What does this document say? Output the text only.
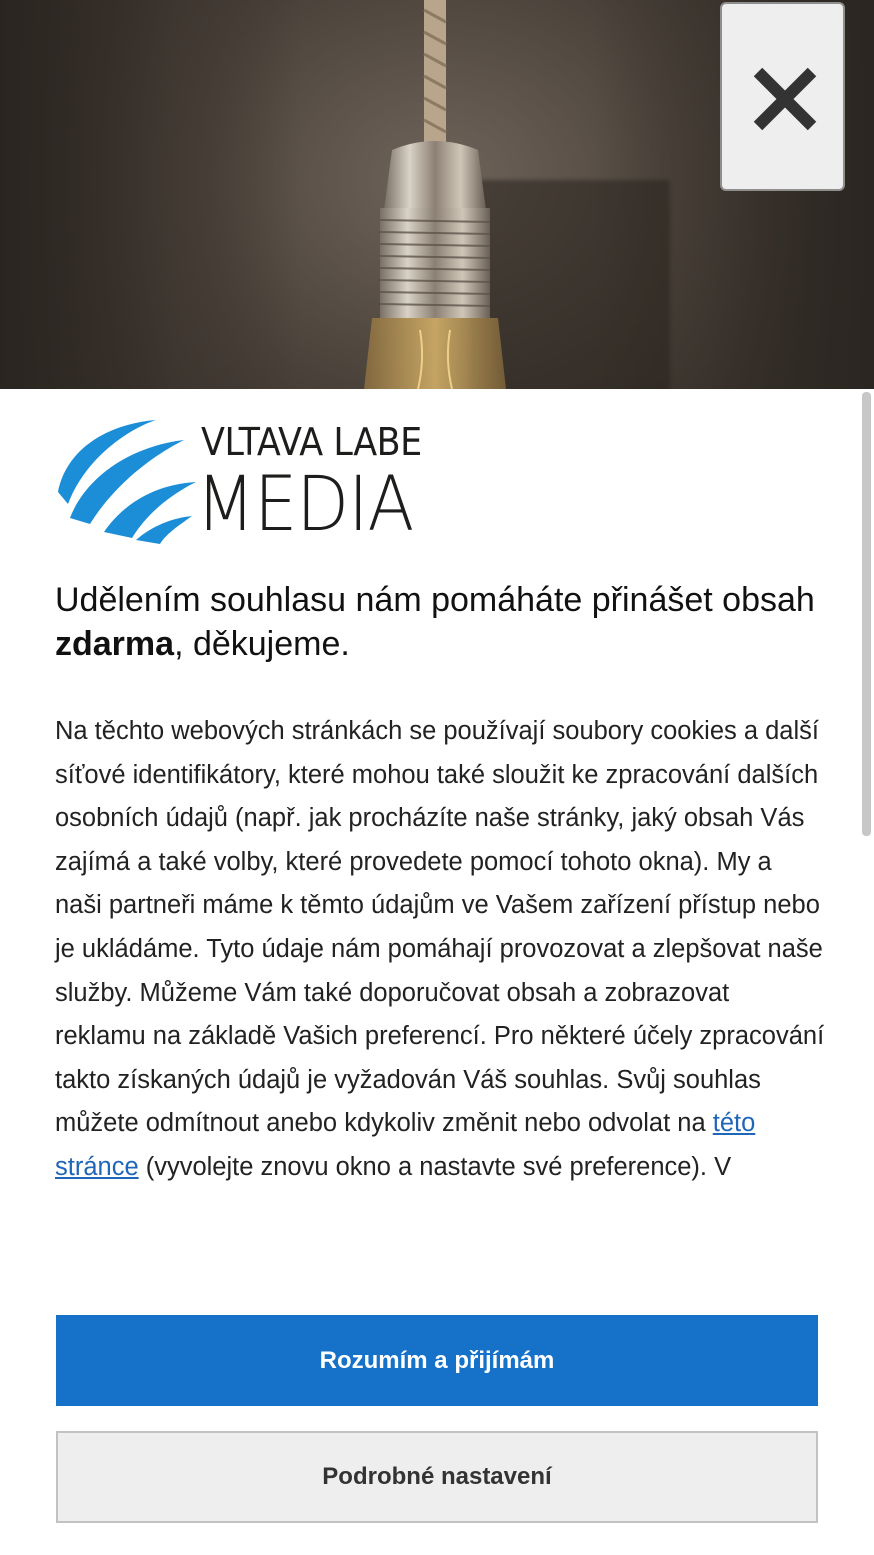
VLTAVA LABE
MEDIA
Udělením souhlasu nám pomáháte přinášet obsah zdarma, děkujeme.

Na těchto webových stránkách se používají soubory cookies a další síťové identifikátory, které mohou také sloužit ke zpracování dalších osobních údajů (např. jak procházíte naše stránky, jaký obsah Vás zajímá a také volby, které provedete pomocí tohoto okna). My a naši partneři máme k těmto údajům ve Vašem zařízení přístup nebo je ukládáme. Tyto údaje nám pomáhají provozovat a zlepšovat naše služby. Můžeme Vám také doporučovat obsah a zobrazovat reklamu na základě Vašich preferencí. Pro některé účely zpracování takto získaných údajů je vyžadován Váš souhlas. Svůj souhlas můžete odmítnout anebo kdykoliv změnit nebo odvolat na této stránce (vyvolejte znovu okno a nastavte své preference). V

Rozumím a přijímám
Podrobné nastavení
